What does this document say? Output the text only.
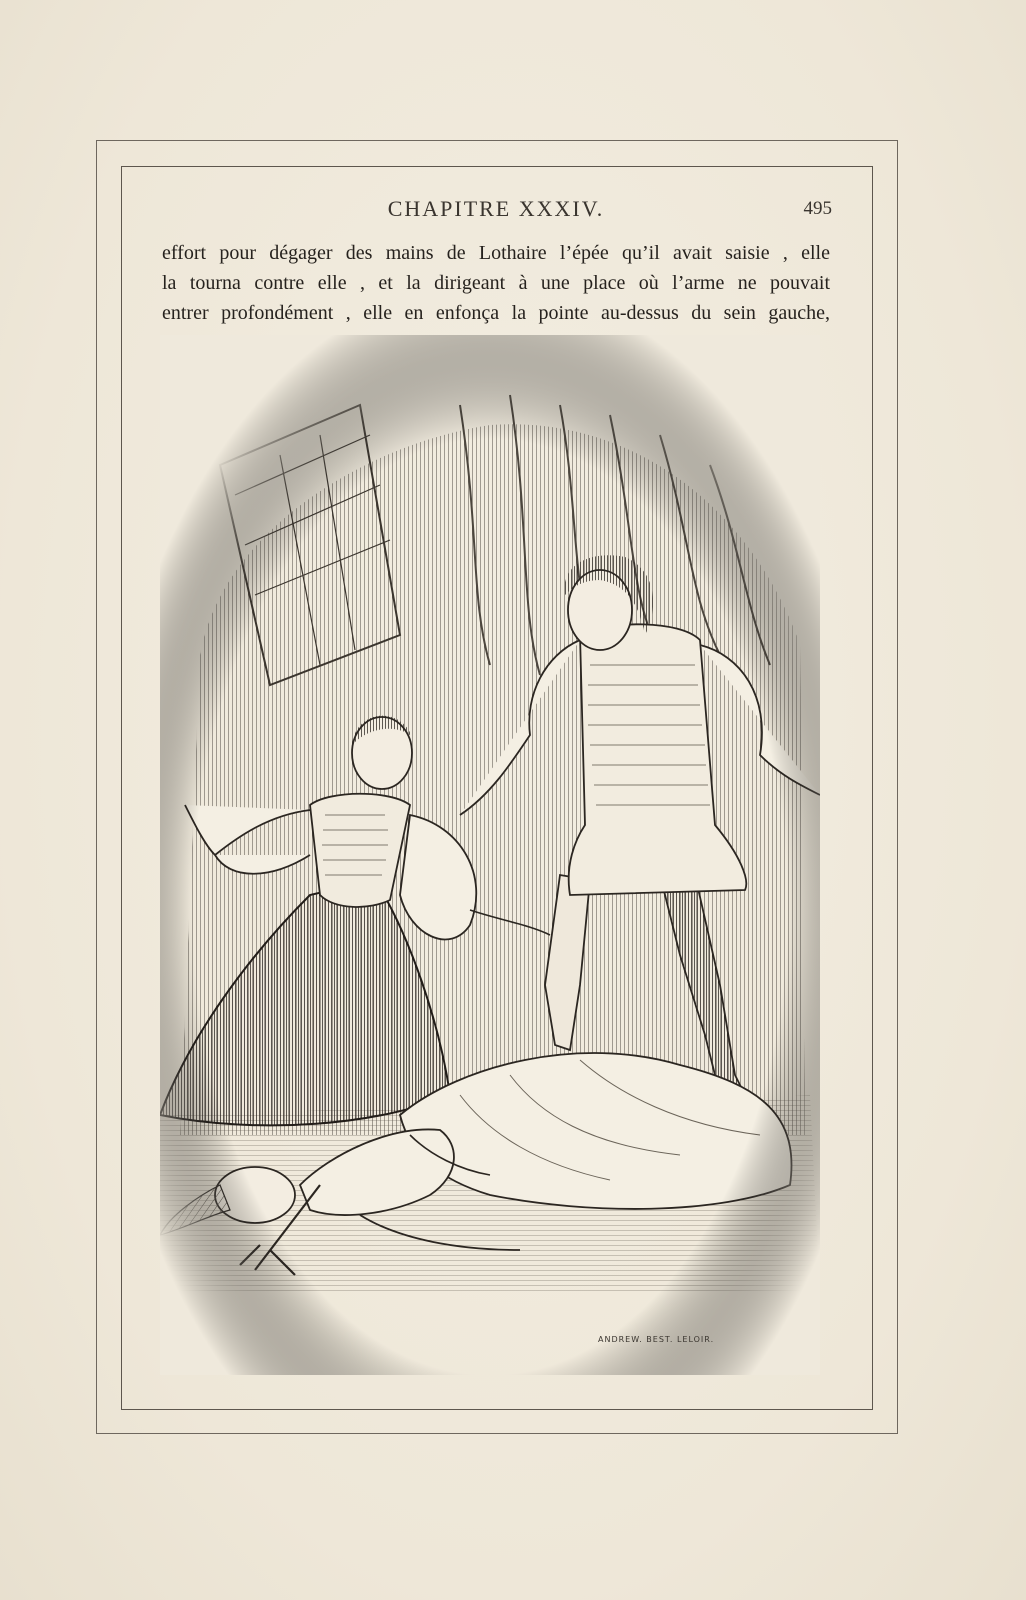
CHAPITRE XXXIV.	495
effort pour dégager des mains de Lothaire l’épée qu’il avait saisie , elle
la tourna contre elle , et la dirigeant à une place où l’arme ne pouvait
entrer profondément , elle en enfonça la pointe au-dessus du sein gauche,
ANDREW. BEST. LELOIR.
